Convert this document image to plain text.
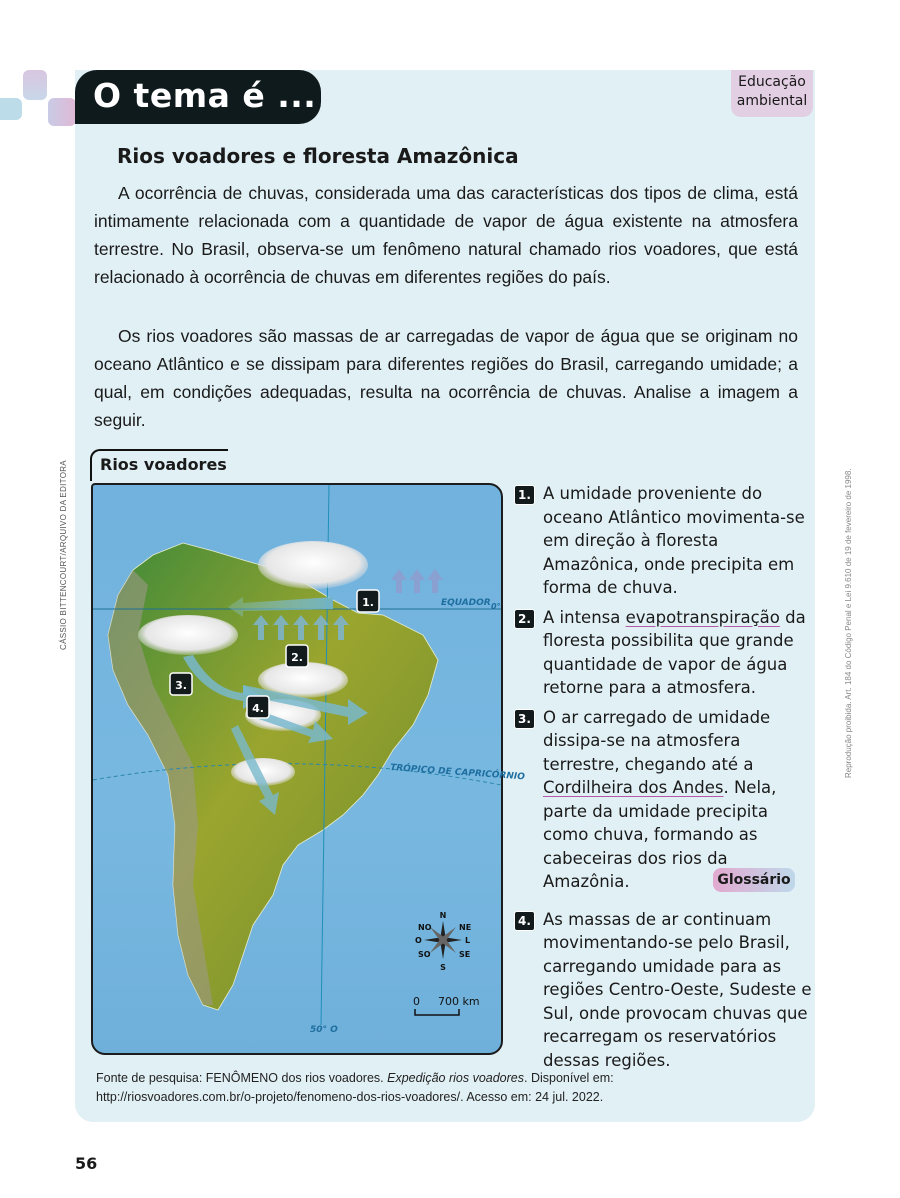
O tema é ...	Educação
ambiental
Rios voadores e floresta Amazônica

A ocorrência de chuvas, considerada uma das características dos tipos de clima, está intimamente relacionada com a quantidade de vapor de água existente na atmosfera terrestre. No Brasil, observa-se um fenômeno natural chamado rios voadores, que está relacionado à ocorrência de chuvas em diferentes regiões do país.

Os rios voadores são massas de ar carregadas de vapor de água que se originam no oceano Atlântico e se dissipam para diferentes regiões do Brasil, carregando umidade; a qual, em condições adequadas, resulta na ocorrência de chuvas. Analise a imagem a seguir.

CÁSSIO BITTENCOURT/ARQUIVO DA EDITORA	Reprodução proibida. Art. 184 do Código Penal e Lei 9.610 de 19 de fevereiro de 1998.
Rios voadores
EQUADOR 0°
TRÓPICO DE CAPRICÓRNIO
50° O
1.
2.
3.
4.
N
NE
L
SE
S
SO
O
NO
0 700 km
1. A umidade proveniente do oceano Atlântico movimenta-se em direção à floresta Amazônica, onde precipita em forma de chuva.
2. A intensa evapotranspiração da floresta possibilita que grande quantidade de vapor de água retorne para a atmosfera.
3. O ar carregado de umidade dissipa-se na atmosfera terrestre, chegando até a Cordilheira dos Andes. Nela, parte da umidade precipita como chuva, formando as cabeceiras dos rios da Amazônia.
4. As massas de ar continuam movimentando-se pelo Brasil, carregando umidade para as regiões Centro-Oeste, Sudeste e Sul, onde provocam chuvas que recarregam os reservatórios dessas regiões.
Glossário
Fonte de pesquisa: FENÔMENO dos rios voadores. Expedição rios voadores. Disponível em:
http://riosvoadores.com.br/o-projeto/fenomeno-dos-rios-voadores/. Acesso em: 24 jul. 2022.
56
